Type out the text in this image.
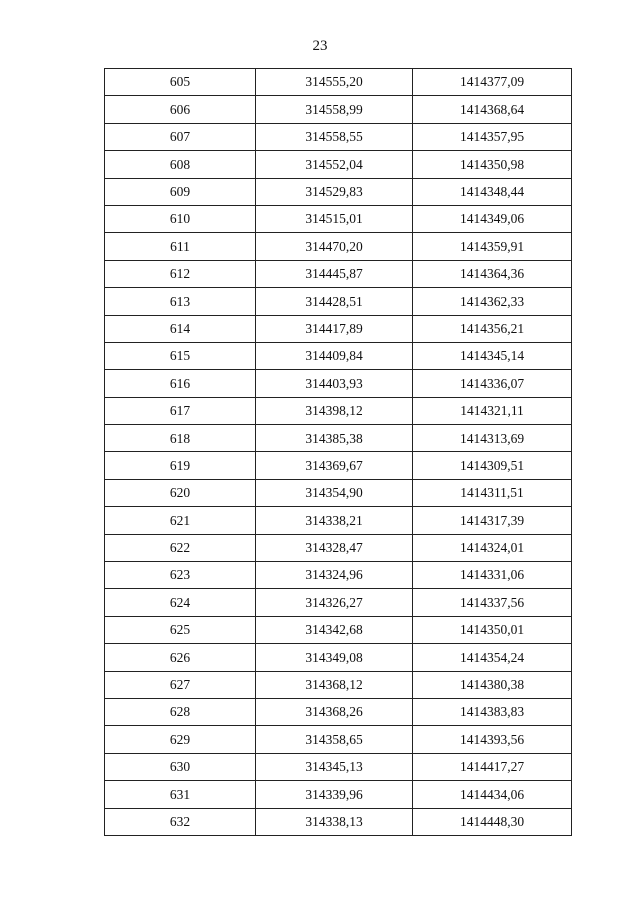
23
605	314555,20	1414377,09
606	314558,99	1414368,64
607	314558,55	1414357,95
608	314552,04	1414350,98
609	314529,83	1414348,44
610	314515,01	1414349,06
611	314470,20	1414359,91
612	314445,87	1414364,36
613	314428,51	1414362,33
614	314417,89	1414356,21
615	314409,84	1414345,14
616	314403,93	1414336,07
617	314398,12	1414321,11
618	314385,38	1414313,69
619	314369,67	1414309,51
620	314354,90	1414311,51
621	314338,21	1414317,39
622	314328,47	1414324,01
623	314324,96	1414331,06
624	314326,27	1414337,56
625	314342,68	1414350,01
626	314349,08	1414354,24
627	314368,12	1414380,38
628	314368,26	1414383,83
629	314358,65	1414393,56
630	314345,13	1414417,27
631	314339,96	1414434,06
632	314338,13	1414448,30
